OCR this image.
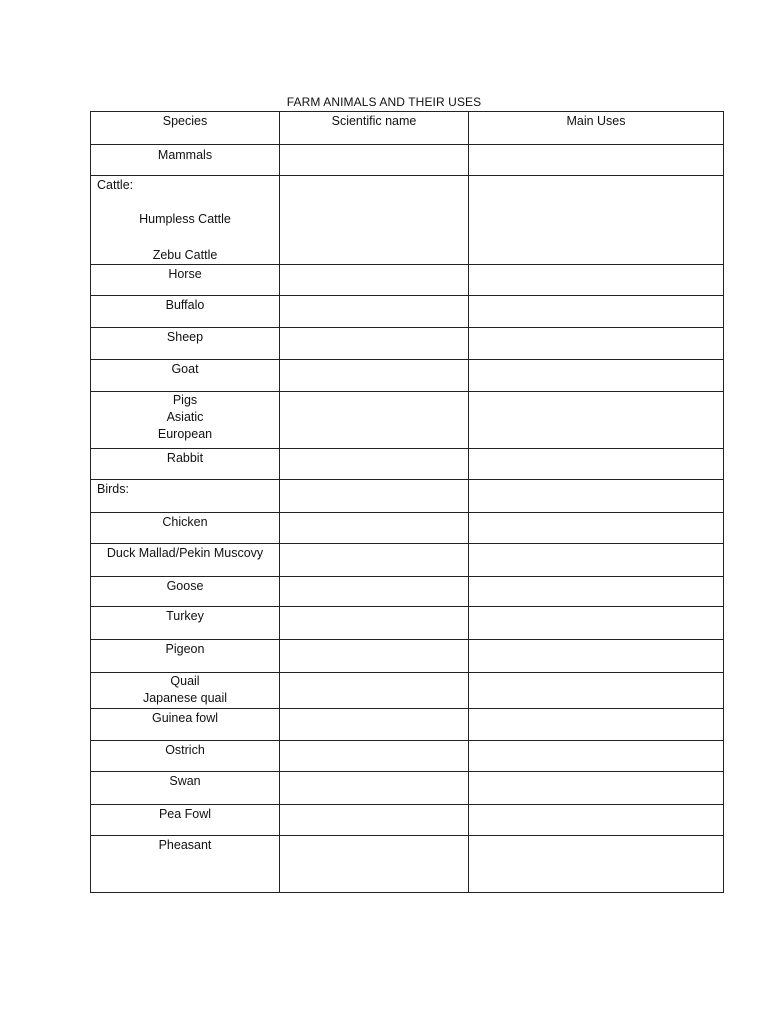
FARM ANIMALS AND THEIR USES
Species	Scientific name	Main Uses

Mammals		

Cattle:
Humpless Cattle
Zebu Cattle		

Horse		

Buffalo		

Sheep		

Goat		

Pigs
Asiatic
European		

Rabbit		

Birds:		

Chicken		

Duck Mallad/Pekin Muscovy		

Goose		

Turkey		

Pigeon		

Quail
Japanese quail		

Guinea fowl		

Ostrich		

Swan		

Pea Fowl		

Pheasant		
